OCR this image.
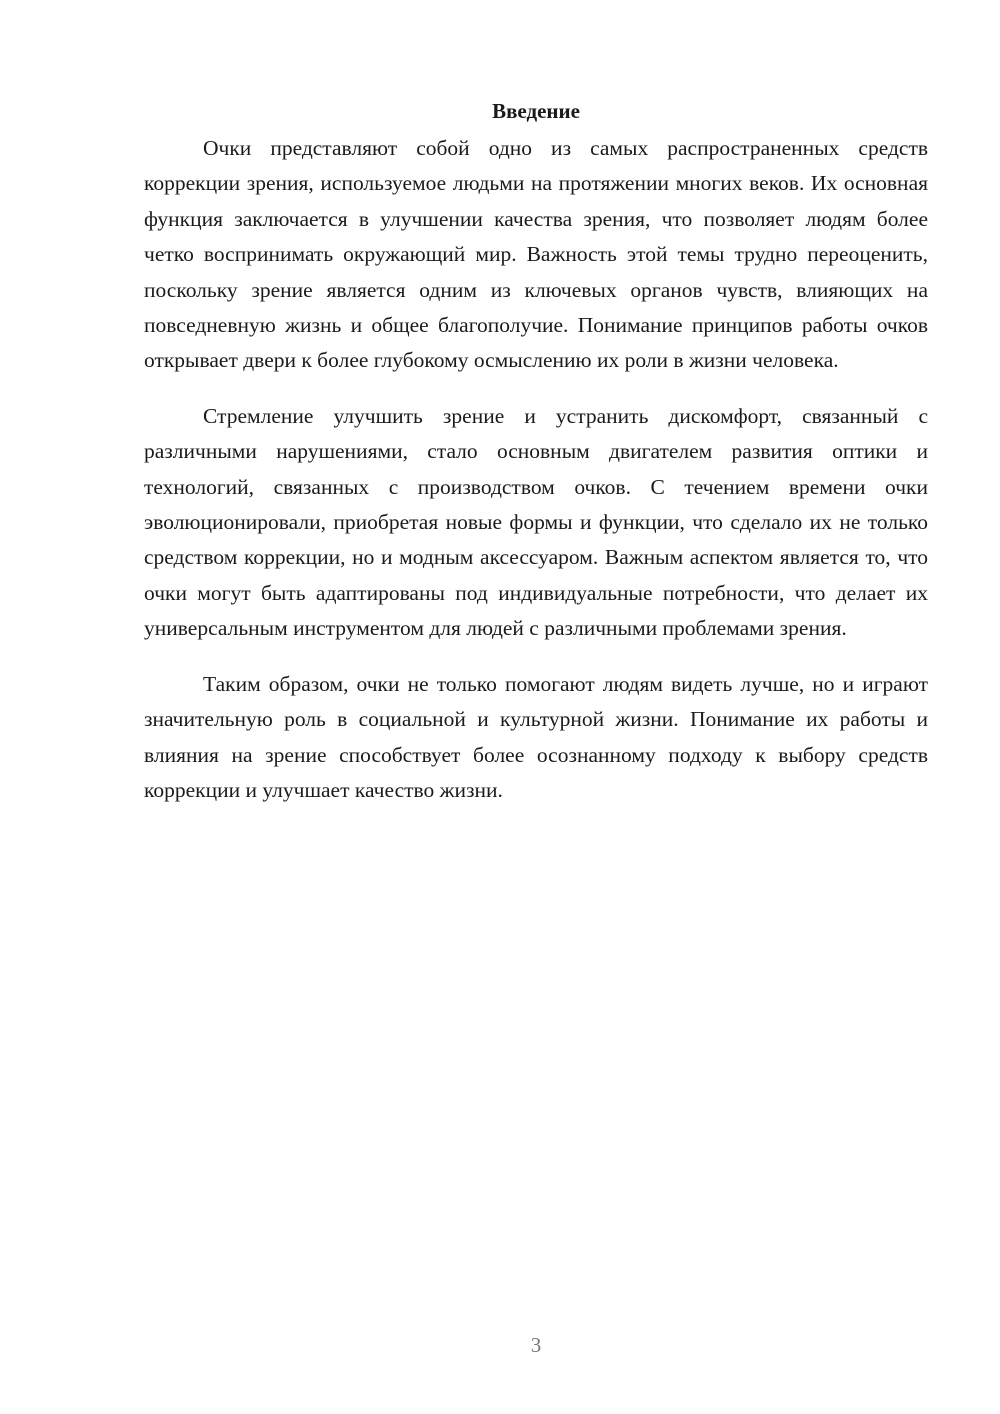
Введение

Очки представляют собой одно из самых распространенных средств коррекции зрения, используемое людьми на протяжении многих веков. Их основная функция заключается в улучшении качества зрения, что позволяет людям более четко воспринимать окружающий мир. Важность этой темы трудно переоценить, поскольку зрение является одним из ключевых органов чувств, влияющих на повседневную жизнь и общее благополучие. Понимание принципов работы очков открывает двери к более глубокому осмыслению их роли в жизни человека.

Стремление улучшить зрение и устранить дискомфорт, связанный с различными нарушениями, стало основным двигателем развития оптики и технологий, связанных с производством очков. С течением времени очки эволюционировали, приобретая новые формы и функции, что сделало их не только средством коррекции, но и модным аксессуаром. Важным аспектом является то, что очки могут быть адаптированы под индивидуальные потребности, что делает их универсальным инструментом для людей с различными проблемами зрения.

Таким образом, очки не только помогают людям видеть лучше, но и играют значительную роль в социальной и культурной жизни. Понимание их работы и влияния на зрение способствует более осознанному подходу к выбору средств коррекции и улучшает качество жизни.

3
